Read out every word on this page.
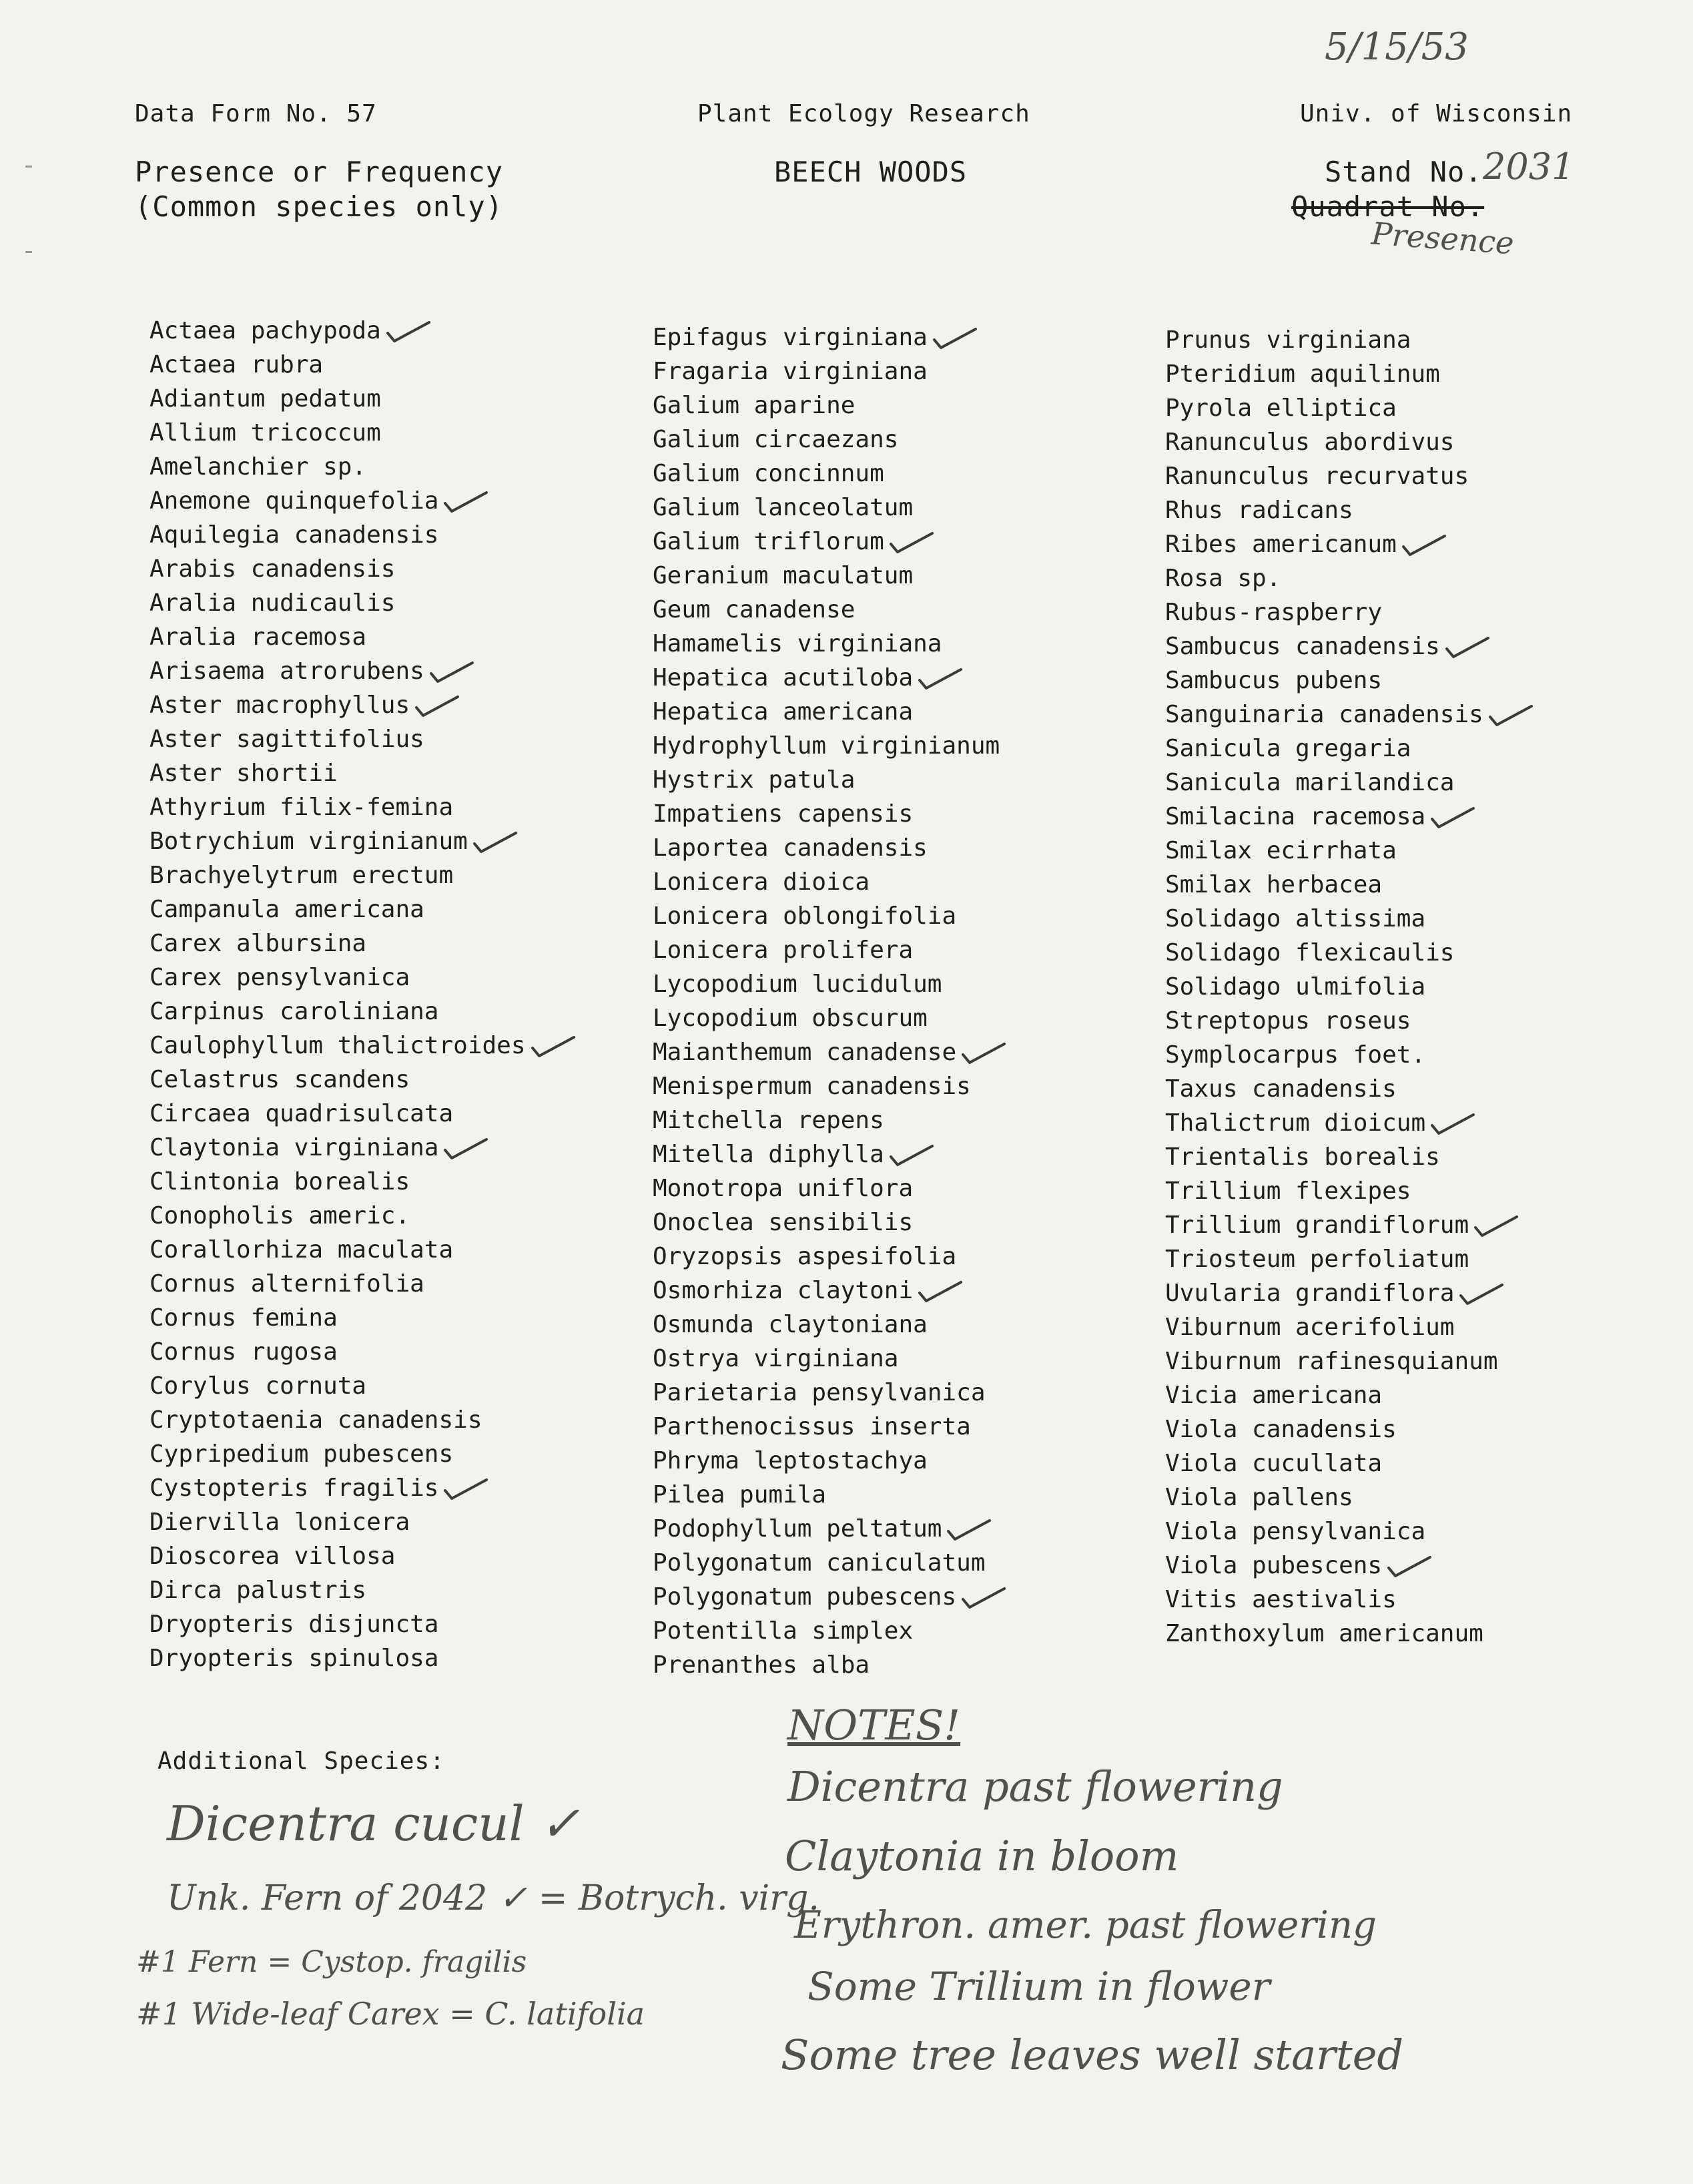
5/15/53
Data Form No. 57	Plant Ecology Research	Univ. of Wisconsin
Presence or Frequency
(Common species only)
BEECH WOODS	Stand No. 2031
Quadrat No.
Presence
Actaea pachypoda
Actaea rubra
Adiantum pedatum
Allium tricoccum
Amelanchier sp.
Anemone quinquefolia
Aquilegia canadensis
Arabis canadensis
Aralia nudicaulis
Aralia racemosa
Arisaema atrorubens
Aster macrophyllus
Aster sagittifolius
Aster shortii
Athyrium filix-femina
Botrychium virginianum
Brachyelytrum erectum
Campanula americana
Carex albursina
Carex pensylvanica
Carpinus caroliniana
Caulophyllum thalictroides
Celastrus scandens
Circaea quadrisulcata
Claytonia virginiana
Clintonia borealis
Conopholis americ.
Corallorhiza maculata
Cornus alternifolia
Cornus femina
Cornus rugosa
Corylus cornuta
Cryptotaenia canadensis
Cypripedium pubescens
Cystopteris fragilis
Diervilla lonicera
Dioscorea villosa
Dirca palustris
Dryopteris disjuncta
Dryopteris spinulosa
Epifagus virginiana
Fragaria virginiana
Galium aparine
Galium circaezans
Galium concinnum
Galium lanceolatum
Galium triflorum
Geranium maculatum
Geum canadense
Hamamelis virginiana
Hepatica acutiloba
Hepatica americana
Hydrophyllum virginianum
Hystrix patula
Impatiens capensis
Laportea canadensis
Lonicera dioica
Lonicera oblongifolia
Lonicera prolifera
Lycopodium lucidulum
Lycopodium obscurum
Maianthemum canadense
Menispermum canadensis
Mitchella repens
Mitella diphylla
Monotropa uniflora
Onoclea sensibilis
Oryzopsis aspesifolia
Osmorhiza claytoni
Osmunda claytoniana
Ostrya virginiana
Parietaria pensylvanica
Parthenocissus inserta
Phryma leptostachya
Pilea pumila
Podophyllum peltatum
Polygonatum caniculatum
Polygonatum pubescens
Potentilla simplex
Prenanthes alba
Prunus virginiana
Pteridium aquilinum
Pyrola elliptica
Ranunculus abordivus
Ranunculus recurvatus
Rhus radicans
Ribes americanum
Rosa sp.
Rubus-raspberry
Sambucus canadensis
Sambucus pubens
Sanguinaria canadensis
Sanicula gregaria
Sanicula marilandica
Smilacina racemosa
Smilax ecirrhata
Smilax herbacea
Solidago altissima
Solidago flexicaulis
Solidago ulmifolia
Streptopus roseus
Symplocarpus foet.
Taxus canadensis
Thalictrum dioicum
Trientalis borealis
Trillium flexipes
Trillium grandiflorum
Triosteum perfoliatum
Uvularia grandiflora
Viburnum acerifolium
Viburnum rafinesquianum
Vicia americana
Viola canadensis
Viola cucullata
Viola pallens
Viola pensylvanica
Viola pubescens
Vitis aestivalis
Zanthoxylum americanum
Additional Species:
Dicentra cucul ✓
Unk. Fern of 2042 ✓ = Botrych. virg.
#1 Fern = Cystop. fragilis
#1 Wide-leaf Carex = C. latifolia
NOTES!
Dicentra past flowering
Claytonia in bloom
Erythron. amer. past flowering
Some Trillium in flower
Some tree leaves well started
